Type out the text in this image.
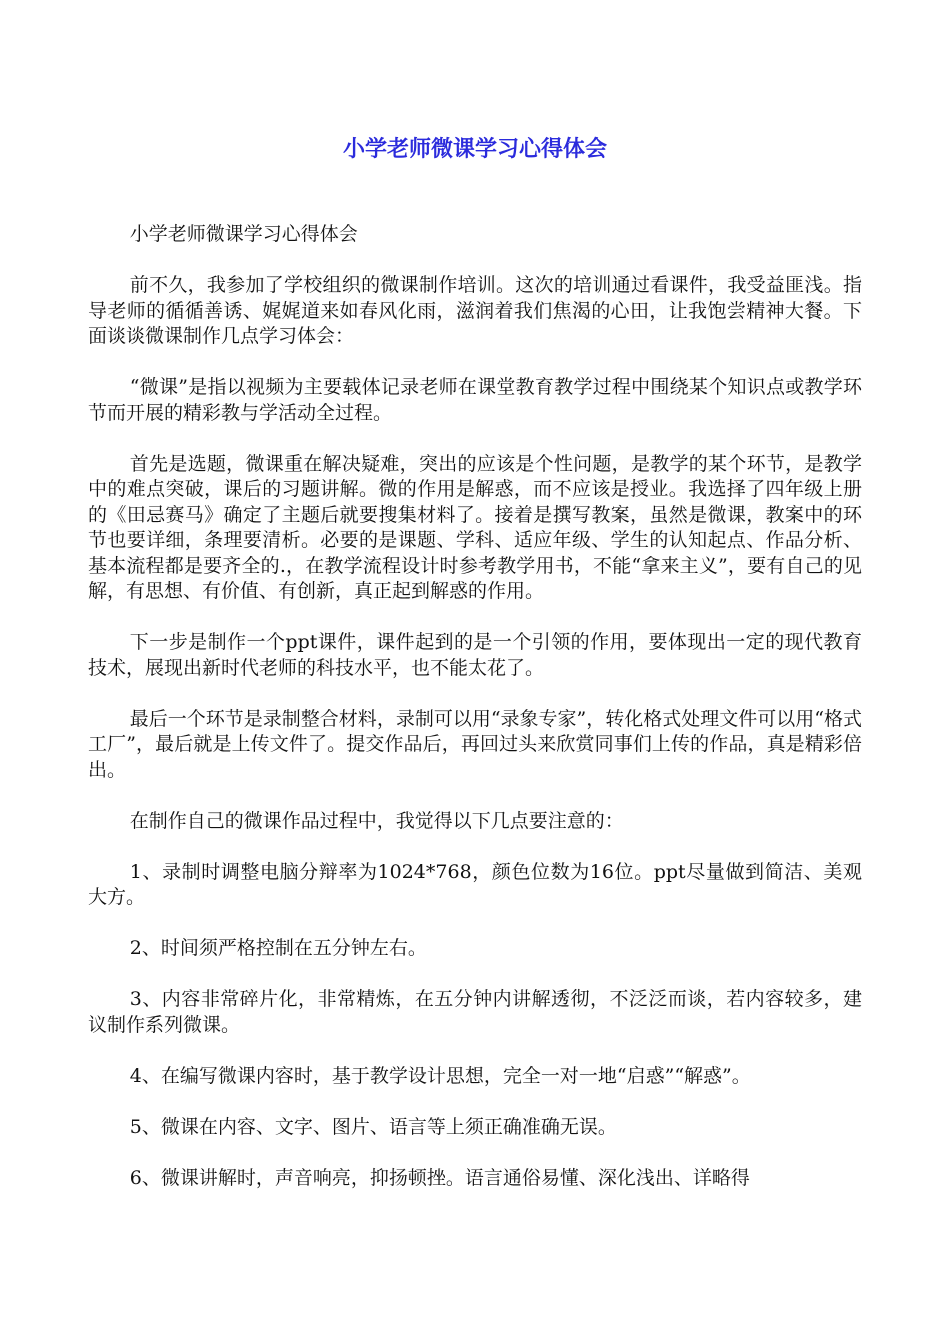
小学老师微课学习心得体会

小学老师微课学习心得体会

前不久，我参加了学校组织的微课制作培训。这次的培训通过看课件，我受益匪浅。指导老师的循循善诱、娓娓道来如春风化雨，滋润着我们焦渴的心田，让我饱尝精神大餐。下面谈谈微课制作几点学习体会：

“微课”是指以视频为主要载体记录老师在课堂教育教学过程中围绕某个知识点或教学环节而开展的精彩教与学活动全过程。

首先是选题，微课重在解决疑难，突出的应该是个性问题，是教学的某个环节，是教学中的难点突破，课后的习题讲解。微的作用是解惑，而不应该是授业。我选择了四年级上册的《田忌赛马》确定了主题后就要搜集材料了。接着是撰写教案，虽然是微课，教案中的环节也要详细，条理要清析。必要的是课题、学科、适应年级、学生的认知起点、作品分析、基本流程都是要齐全的.，在教学流程设计时参考教学用书，不能“拿来主义”，要有自己的见解，有思想、有价值、有创新，真正起到解惑的作用。

下一步是制作一个ppt课件，课件起到的是一个引领的作用，要体现出一定的现代教育技术，展现出新时代老师的科技水平，也不能太花了。

最后一个环节是录制整合材料，录制可以用“录象专家”，转化格式处理文件可以用“格式工厂”，最后就是上传文件了。提交作品后，再回过头来欣赏同事们上传的作品，真是精彩倍出。

在制作自己的微课作品过程中，我觉得以下几点要注意的：

1、录制时调整电脑分辩率为1024*768，颜色位数为16位。ppt尽量做到简洁、美观大方。

2、时间须严格控制在五分钟左右。

3、内容非常碎片化，非常精炼，在五分钟内讲解透彻，不泛泛而谈，若内容较多，建议制作系列微课。

4、在编写微课内容时，基于教学设计思想，完全一对一地“启惑”“解惑”。

5、微课在内容、文字、图片、语言等上须正确准确无误。

6、微课讲解时，声音响亮，抑扬顿挫。语言通俗易懂、深化浅出、详略得
